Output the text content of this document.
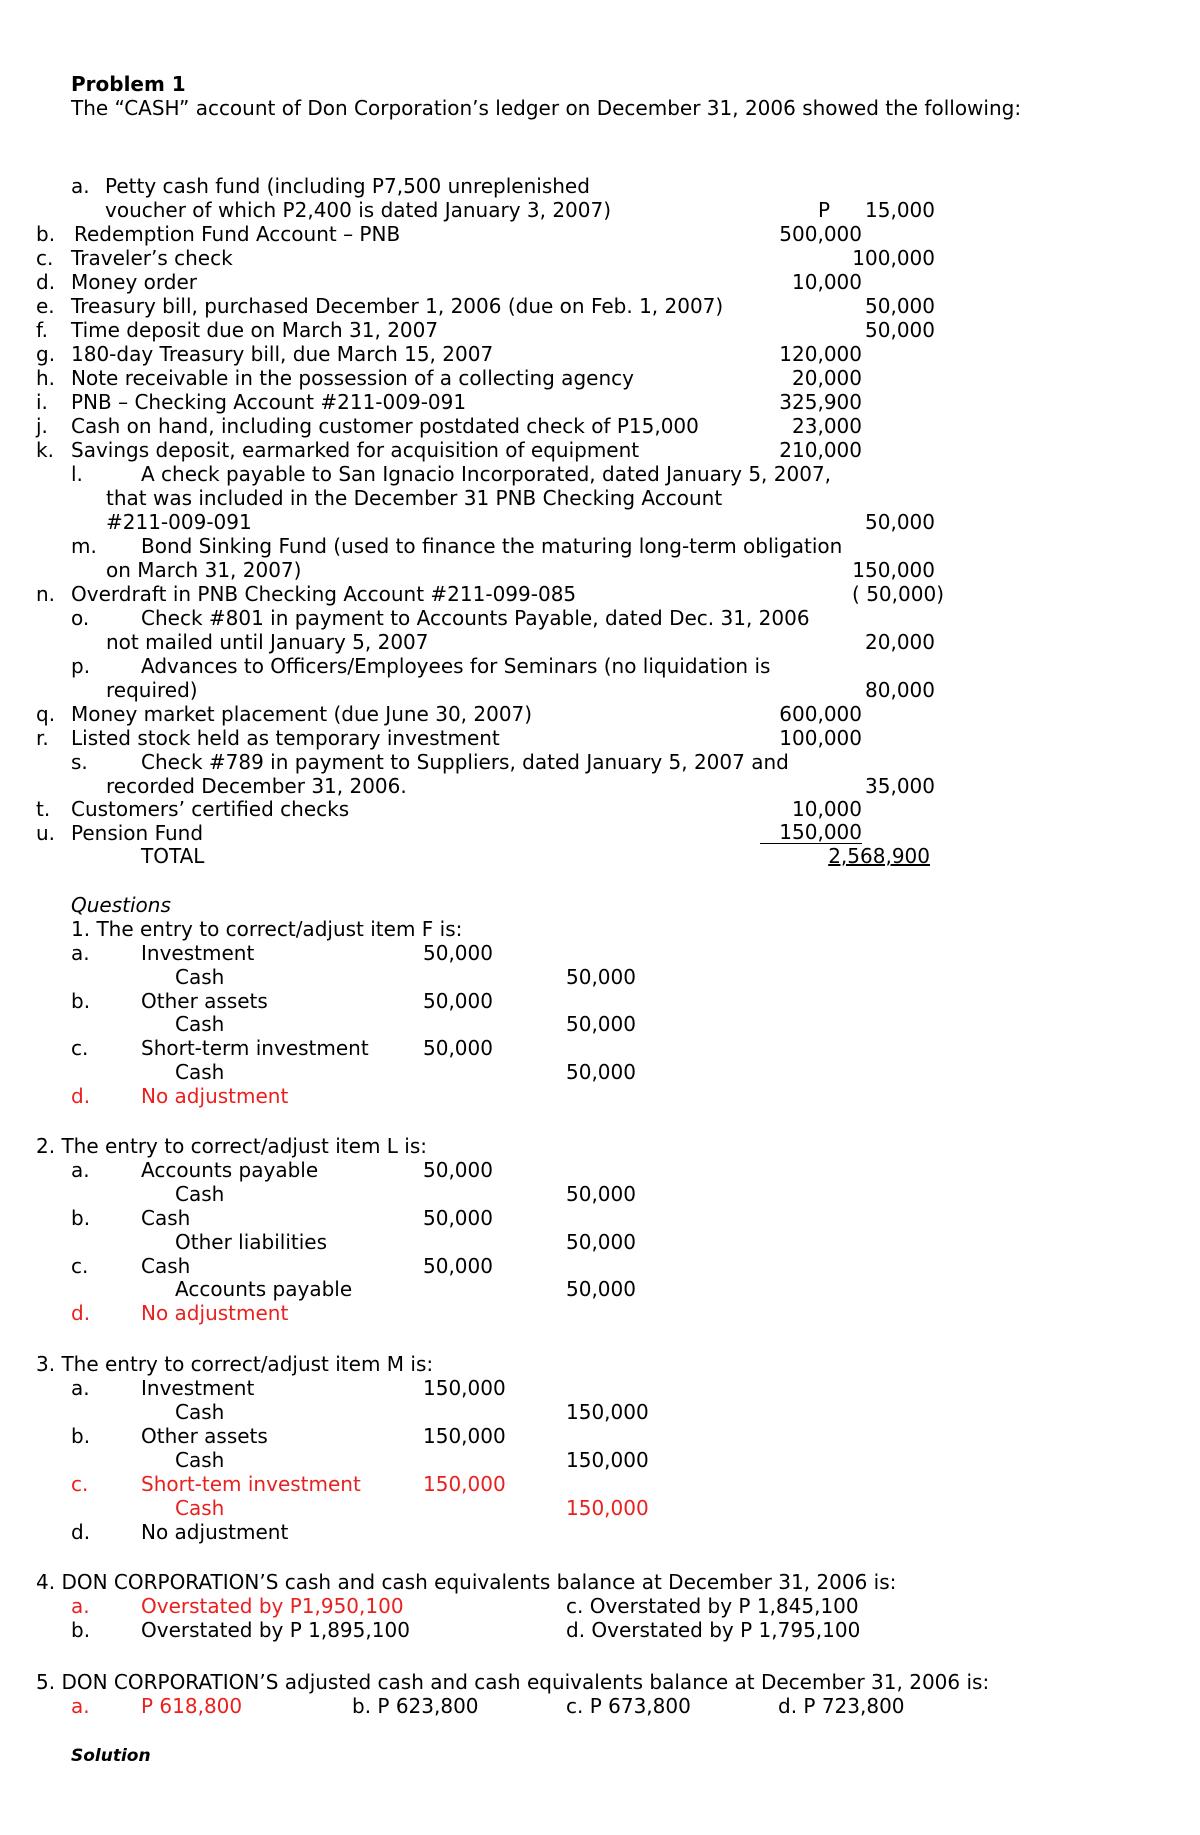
Problem 1
The “CASH” account of Don Corporation’s ledger on December 31, 2006 showed the following:
a. Petty cash fund (including P7,500 unreplenished
voucher of which P2,400 is dated January 3, 2007)	P 15,000
b. Redemption Fund Account – PNB	500,000
c. Traveler’s check	100,000
d. Money order	10,000
e. Treasury bill, purchased December 1, 2006 (due on Feb. 1, 2007)	50,000
f. Time deposit due on March 31, 2007	50,000
g. 180-day Treasury bill, due March 15, 2007	120,000
h. Note receivable in the possession of a collecting agency	20,000
i. PNB – Checking Account #211-009-091	325,900
j. Cash on hand, including customer postdated check of P15,000	23,000
k. Savings deposit, earmarked for acquisition of equipment	210,000
l.	A check payable to San Ignacio Incorporated, dated January 5, 2007,
that was included in the December 31 PNB Checking Account
#211-009-091	50,000
m. Bond Sinking Fund (used to finance the maturing long-term obligation
on March 31, 2007)	150,000
n. Overdraft in PNB Checking Account #211-099-085	( 50,000)
o.	Check #801 in payment to Accounts Payable, dated Dec. 31, 2006
not mailed until January 5, 2007	20,000
p.	Advances to Officers/Employees for Seminars (no liquidation is
required)	80,000
q. Money market placement (due June 30, 2007)	600,000
r. Listed stock held as temporary investment	100,000
s.	Check #789 in payment to Suppliers, dated January 5, 2007 and
recorded December 31, 2006.	35,000
t. Customers’ certified checks	10,000
u. Pension Fund	150,000
TOTAL	2,568,900
Questions
1. The entry to correct/adjust item F is:
a.	Investment	50,000
Cash	50,000
b.	Other assets	50,000
Cash	50,000
c.	Short-term investment	50,000
Cash	50,000
d.	No adjustment
2. The entry to correct/adjust item L is:
a.	Accounts payable	50,000
Cash	50,000
b.	Cash	50,000
Other liabilities	50,000
c.	Cash	50,000
Accounts payable	50,000
d.	No adjustment
3. The entry to correct/adjust item M is:
a.	Investment	150,000
Cash	150,000
b.	Other assets	150,000
Cash	150,000
c.	Short-tem investment	150,000
Cash	150,000
d.	No adjustment
4. DON CORPORATION’S cash and cash equivalents balance at December 31, 2006 is:
a.	Overstated by P1,950,100	c. Overstated by P 1,845,100
b.	Overstated by P 1,895,100	d. Overstated by P 1,795,100
5. DON CORPORATION’S adjusted cash and cash equivalents balance at December 31, 2006 is:
a.	P 618,800	b. P 623,800	c. P 673,800	d. P 723,800
Solution
